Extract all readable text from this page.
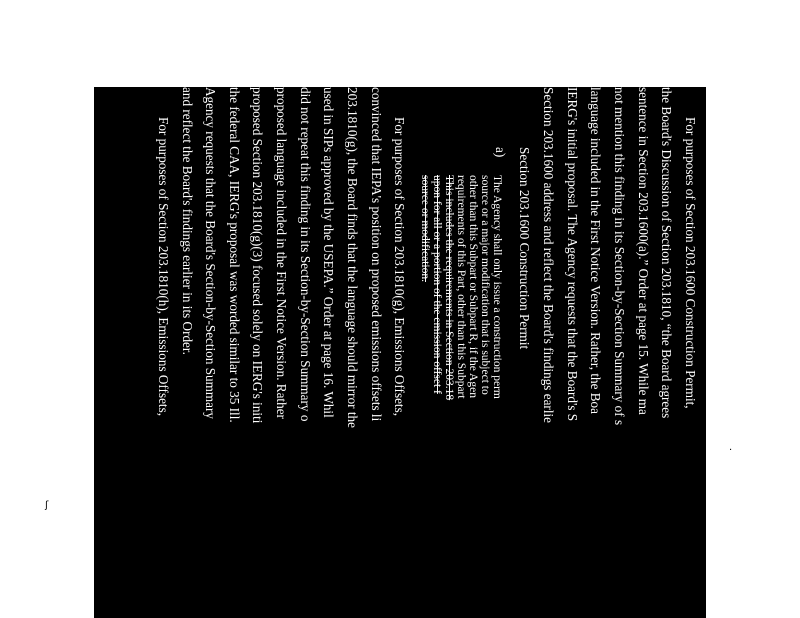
For purposes of Section 203.1600 Construction Permit,
the Board's Discussion of Section 203.1810, “the Board agrees
sentence in Section 203.1600(a).” Order at page 15. While ma
not mention this finding in its Section-by-Section Summary of s
language included in the First Notice Version. Rather, the Boa
IERG's initial proposal. The Agency requests that the Board's S
Section 203.1600 address and reflect the Board's findings earlie
Section 203.1600 Construction Permit
a)
The Agency shall only issue a construction perm
source or a major modification that is subject to
other than this Subpart or Subpart R, if the Agen
requirements of this Part, other than this Subpart
This includes the requirements in Section 203.18
upon for all or a portion of the emission offset f
source or modification.
For purposes of Section 203.1810(g), Emissions Offsets,
convinced that IEPA's position on proposed emissions offsets li
203.1810(g), the Board finds that the language should mirror the
used in SIPs approved by the USEPA.” Order at page 16. Whil
did not repeat this finding in its Section-by-Section Summary o
proposed language included in the First Notice Version. Rather
proposed Section 203.1810(g)(3) focused solely on IERG's initi
the federal CAA, IERG's proposal was worded similar to 35 Ill.
Agency requests that the Board's Section-by-Section Summary
and reflect the Board's findings earlier in its Order.
For purposes of Section 203.1810(h), Emissions Offsets,
ʃ
·
